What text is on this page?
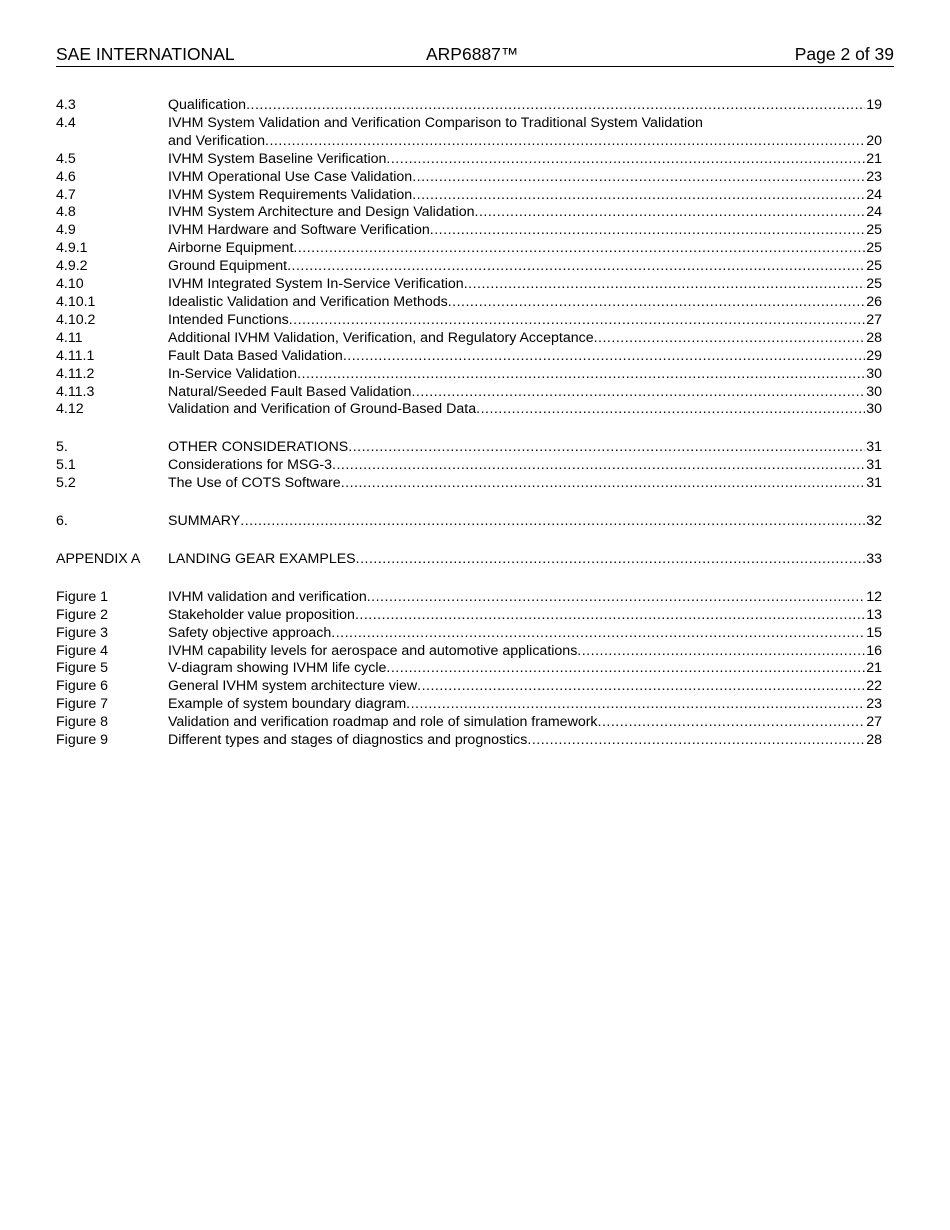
SAE INTERNATIONAL	ARP6887™	Page 2 of 39
4.3	Qualification .....	19
4.4	IVHM System Validation and Verification Comparison to Traditional System Validation
and Verification .....	20
4.5	IVHM System Baseline Verification .....	21
4.6	IVHM Operational Use Case Validation .....	23
4.7	IVHM System Requirements Validation .....	24
4.8	IVHM System Architecture and Design Validation .....	24
4.9	IVHM Hardware and Software Verification .....	25
4.9.1	Airborne Equipment .....	25
4.9.2	Ground Equipment .....	25
4.10	IVHM Integrated System In-Service Verification .....	25
4.10.1	Idealistic Validation and Verification Methods .....	26
4.10.2	Intended Functions .....	27
4.11	Additional IVHM Validation, Verification, and Regulatory Acceptance .....	28
4.11.1	Fault Data Based Validation .....	29
4.11.2	In-Service Validation .....	30
4.11.3	Natural/Seeded Fault Based Validation .....	30
4.12	Validation and Verification of Ground-Based Data .....	30
5.	OTHER CONSIDERATIONS .....	31
5.1	Considerations for MSG-3 .....	31
5.2	The Use of COTS Software .....	31
6.	SUMMARY .....	32
APPENDIX A	LANDING GEAR EXAMPLES .....	33
Figure 1	IVHM validation and verification .....	12
Figure 2	Stakeholder value proposition .....	13
Figure 3	Safety objective approach .....	15
Figure 4	IVHM capability levels for aerospace and automotive applications .....	16
Figure 5	V-diagram showing IVHM life cycle .....	21
Figure 6	General IVHM system architecture view .....	22
Figure 7	Example of system boundary diagram .....	23
Figure 8	Validation and verification roadmap and role of simulation framework .....	27
Figure 9	Different types and stages of diagnostics and prognostics .....	28
